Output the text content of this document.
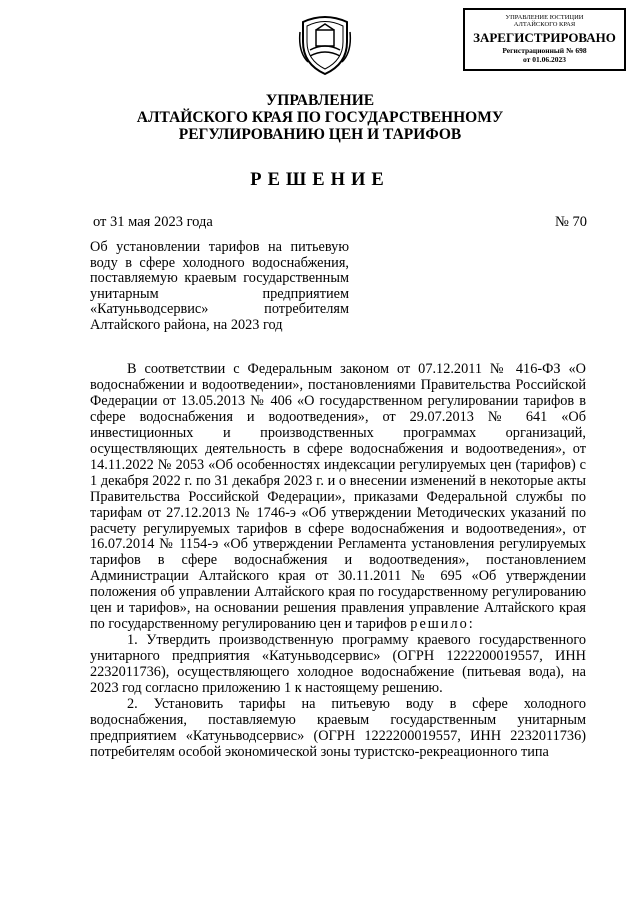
УПРАВЛЕНИЕ ЮСТИЦИИ
АЛТАЙСКОГО КРАЯ
ЗАРЕГИСТРИРОВАНО
Регистрационный № 698
от 01.06.2023
УПРАВЛЕНИЕ
АЛТАЙСКОГО КРАЯ ПО ГОСУДАРСТВЕННОМУ
РЕГУЛИРОВАНИЮ ЦЕН И ТАРИФОВ
РЕШЕНИЕ
от 31 мая 2023 года	№ 70
Об установлении тарифов на питьевую воду в сфере холодного водоснабжения, поставляемую краевым государственным унитарным предприятием «Катуньводсервис» потребителям Алтайского района, на 2023 год

В соответствии с Федеральным законом от 07.12.2011 № 416-ФЗ «О водоснабжении и водоотведении», постановлениями Правительства Российской Федерации от 13.05.2013 № 406 «О государственном регулировании тарифов в сфере водоснабжения и водоотведения», от 29.07.2013 № 641 «Об инвестиционных и производственных программах организаций, осуществляющих деятельность в сфере водоснабжения и водоотведения», от 14.11.2022 № 2053 «Об особенностях индексации регулируемых цен (тарифов) с 1 декабря 2022 г. по 31 декабря 2023 г. и о внесении изменений в некоторые акты Правительства Российской Федерации», приказами Федеральной службы по тарифам от 27.12.2013 № 1746-э «Об утверждении Методических указаний по расчету регулируемых тарифов в сфере водоснабжения и водоотведения», от 16.07.2014 № 1154-э «Об утверждении Регламента установления регулируемых тарифов в сфере водоснабжения и водоотведения», постановлением Администрации Алтайского края от 30.11.2011 № 695 «Об утверждении положения об управлении Алтайского края по государственному регулированию цен и тарифов», на основании решения правления управление Алтайского края по государственному регулированию цен и тарифов решило:

1. Утвердить производственную программу краевого государственного унитарного предприятия «Катуньводсервис» (ОГРН 1222200019557, ИНН 2232011736), осуществляющего холодное водоснабжение (питьевая вода), на 2023 год согласно приложению 1 к настоящему решению.

2. Установить тарифы на питьевую воду в сфере холодного водоснабжения, поставляемую краевым государственным унитарным предприятием «Катуньводсервис» (ОГРН 1222200019557, ИНН 2232011736) потребителям особой экономической зоны туристско-рекреационного типа
